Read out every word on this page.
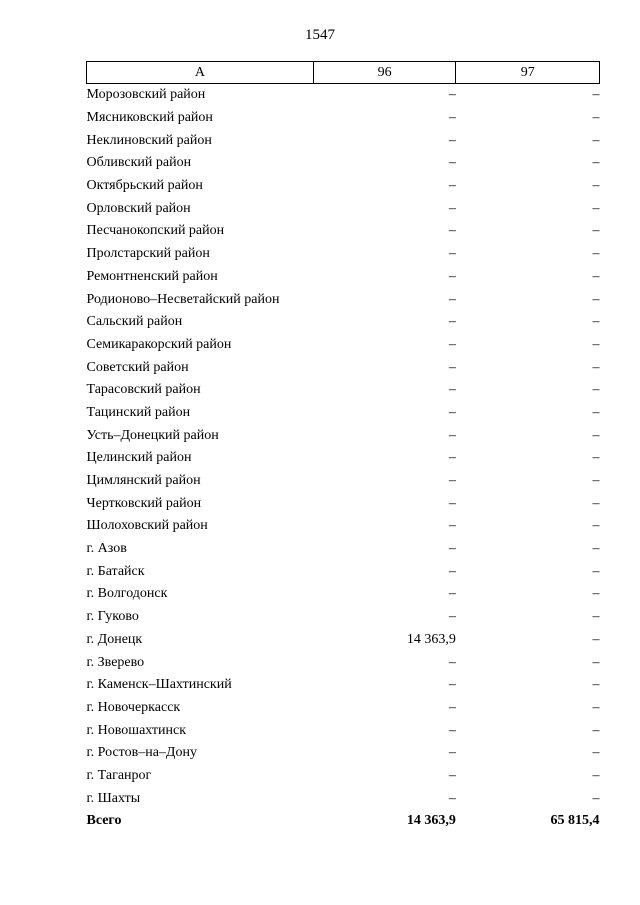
1547
А	96	97
Морозовский район	–	–
Мясниковский район	–	–
Неклиновский район	–	–
Обливский район	–	–
Октябрьский район	–	–
Орловский район	–	–
Песчанокопский район	–	–
Пролстарский район	–	–
Ремонтненский район	–	–
Родионово–Несветайский район	–	–
Сальский район	–	–
Семикаракорский район	–	–
Советский район	–	–
Тарасовский район	–	–
Тацинский район	–	–
Усть–Донецкий район	–	–
Целинский район	–	–
Цимлянский район	–	–
Чертковский район	–	–
Шолоховский район	–	–
г. Азов	–	–
г. Батайск	–	–
г. Волгодонск	–	–
г. Гуково	–	–
г. Донецк	14 363,9	–
г. Зверево	–	–
г. Каменск–Шахтинский	–	–
г. Новочеркасск	–	–
г. Новошахтинск	–	–
г. Ростов–на–Дону	–	–
г. Таганрог	–	–
г. Шахты	–	–
Всего	14 363,9	65 815,4
